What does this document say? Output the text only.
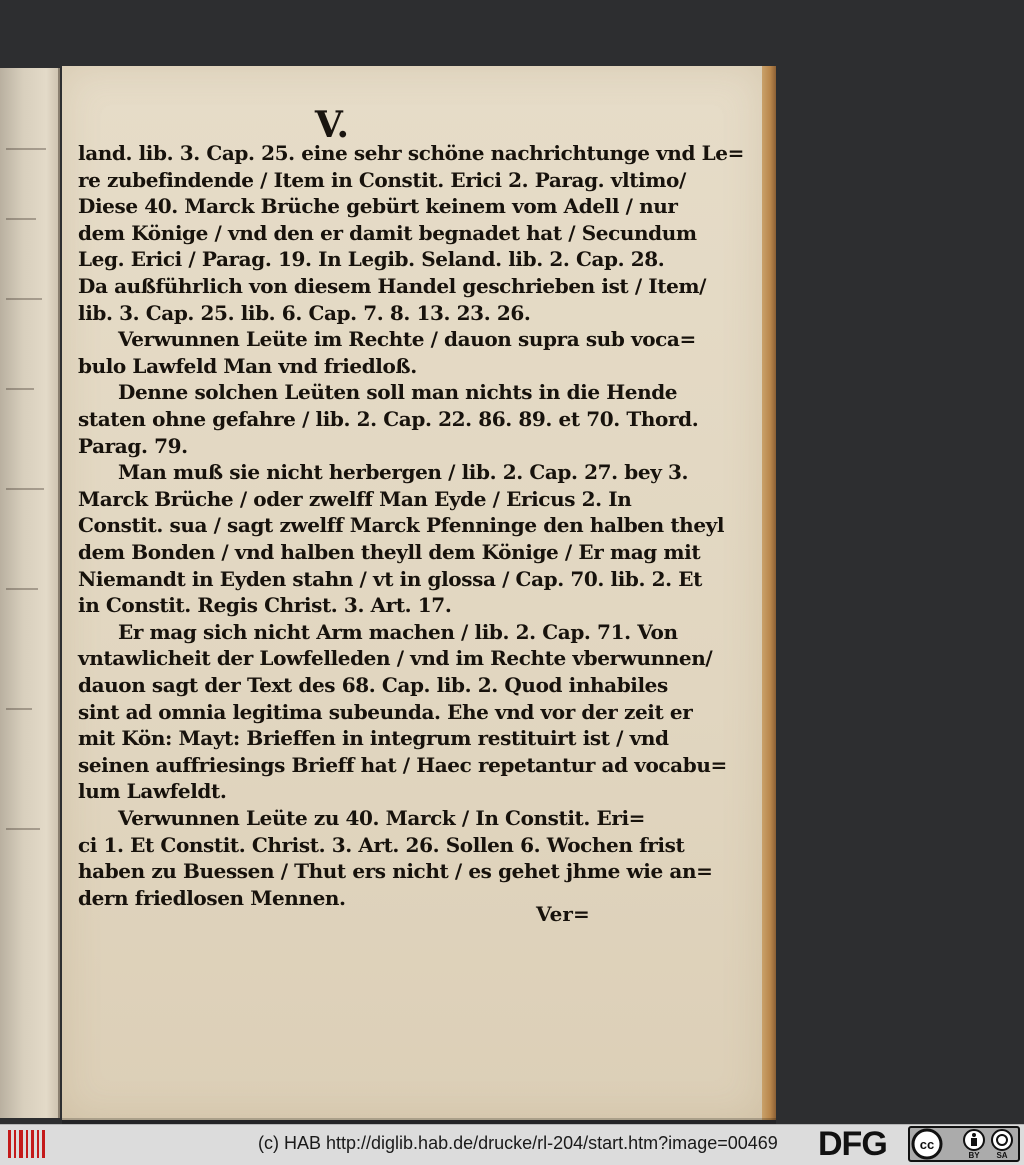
V.
land. lib. 3. Cap. 25. eine sehr schöne nachrichtunge vnd Le=
re zubefindende / Item in Constit. Erici 2. Parag. vltimo/
Diese 40. Marck Brüche gebürt keinem vom Adell / nur
dem Könige / vnd den er damit begnadet hat / Secundum
Leg. Erici / Parag. 19. In Legib. Seland. lib. 2. Cap. 28.
Da außführlich von diesem Handel geschrieben ist / Item/
lib. 3. Cap. 25. lib. 6. Cap. 7. 8. 13. 23. 26.
Verwunnen Leüte im Rechte / dauon supra sub voca=
bulo Lawfeld Man vnd friedloß.
Denne solchen Leüten soll man nichts in die Hende
staten ohne gefahre / lib. 2. Cap. 22. 86. 89. et 70. Thord.
Parag. 79.
Man muß sie nicht herbergen / lib. 2. Cap. 27. bey 3.
Marck Brüche / oder zwelff Man Eyde / Ericus 2. In
Constit. sua / sagt zwelff Marck Pfenninge den halben theyl
dem Bonden / vnd halben theyll dem Könige / Er mag mit
Niemandt in Eyden stahn / vt in glossa / Cap. 70. lib. 2. Et
in Constit. Regis Christ. 3. Art. 17.
Er mag sich nicht Arm machen / lib. 2. Cap. 71. Von
vntawlicheit der Lowfelleden / vnd im Rechte vberwunnen/
dauon sagt der Text des 68. Cap. lib. 2. Quod inhabiles
sint ad omnia legitima subeunda. Ehe vnd vor der zeit er
mit Kön: Mayt: Brieffen in integrum restituirt ist / vnd
seinen auffriesings Brieff hat / Haec repetantur ad vocabu=
lum Lawfeldt.
Verwunnen Leüte zu 40. Marck / In Constit. Eri=
ci 1. Et Constit. Christ. 3. Art. 26. Sollen 6. Wochen frist
haben zu Buessen / Thut ers nicht / es gehet jhme wie an=
dern friedlosen Mennen.
Ver=
(c) HAB http://diglib.hab.de/drucke/rl-204/start.htm?image=00469 DFG	cc
BY SA
